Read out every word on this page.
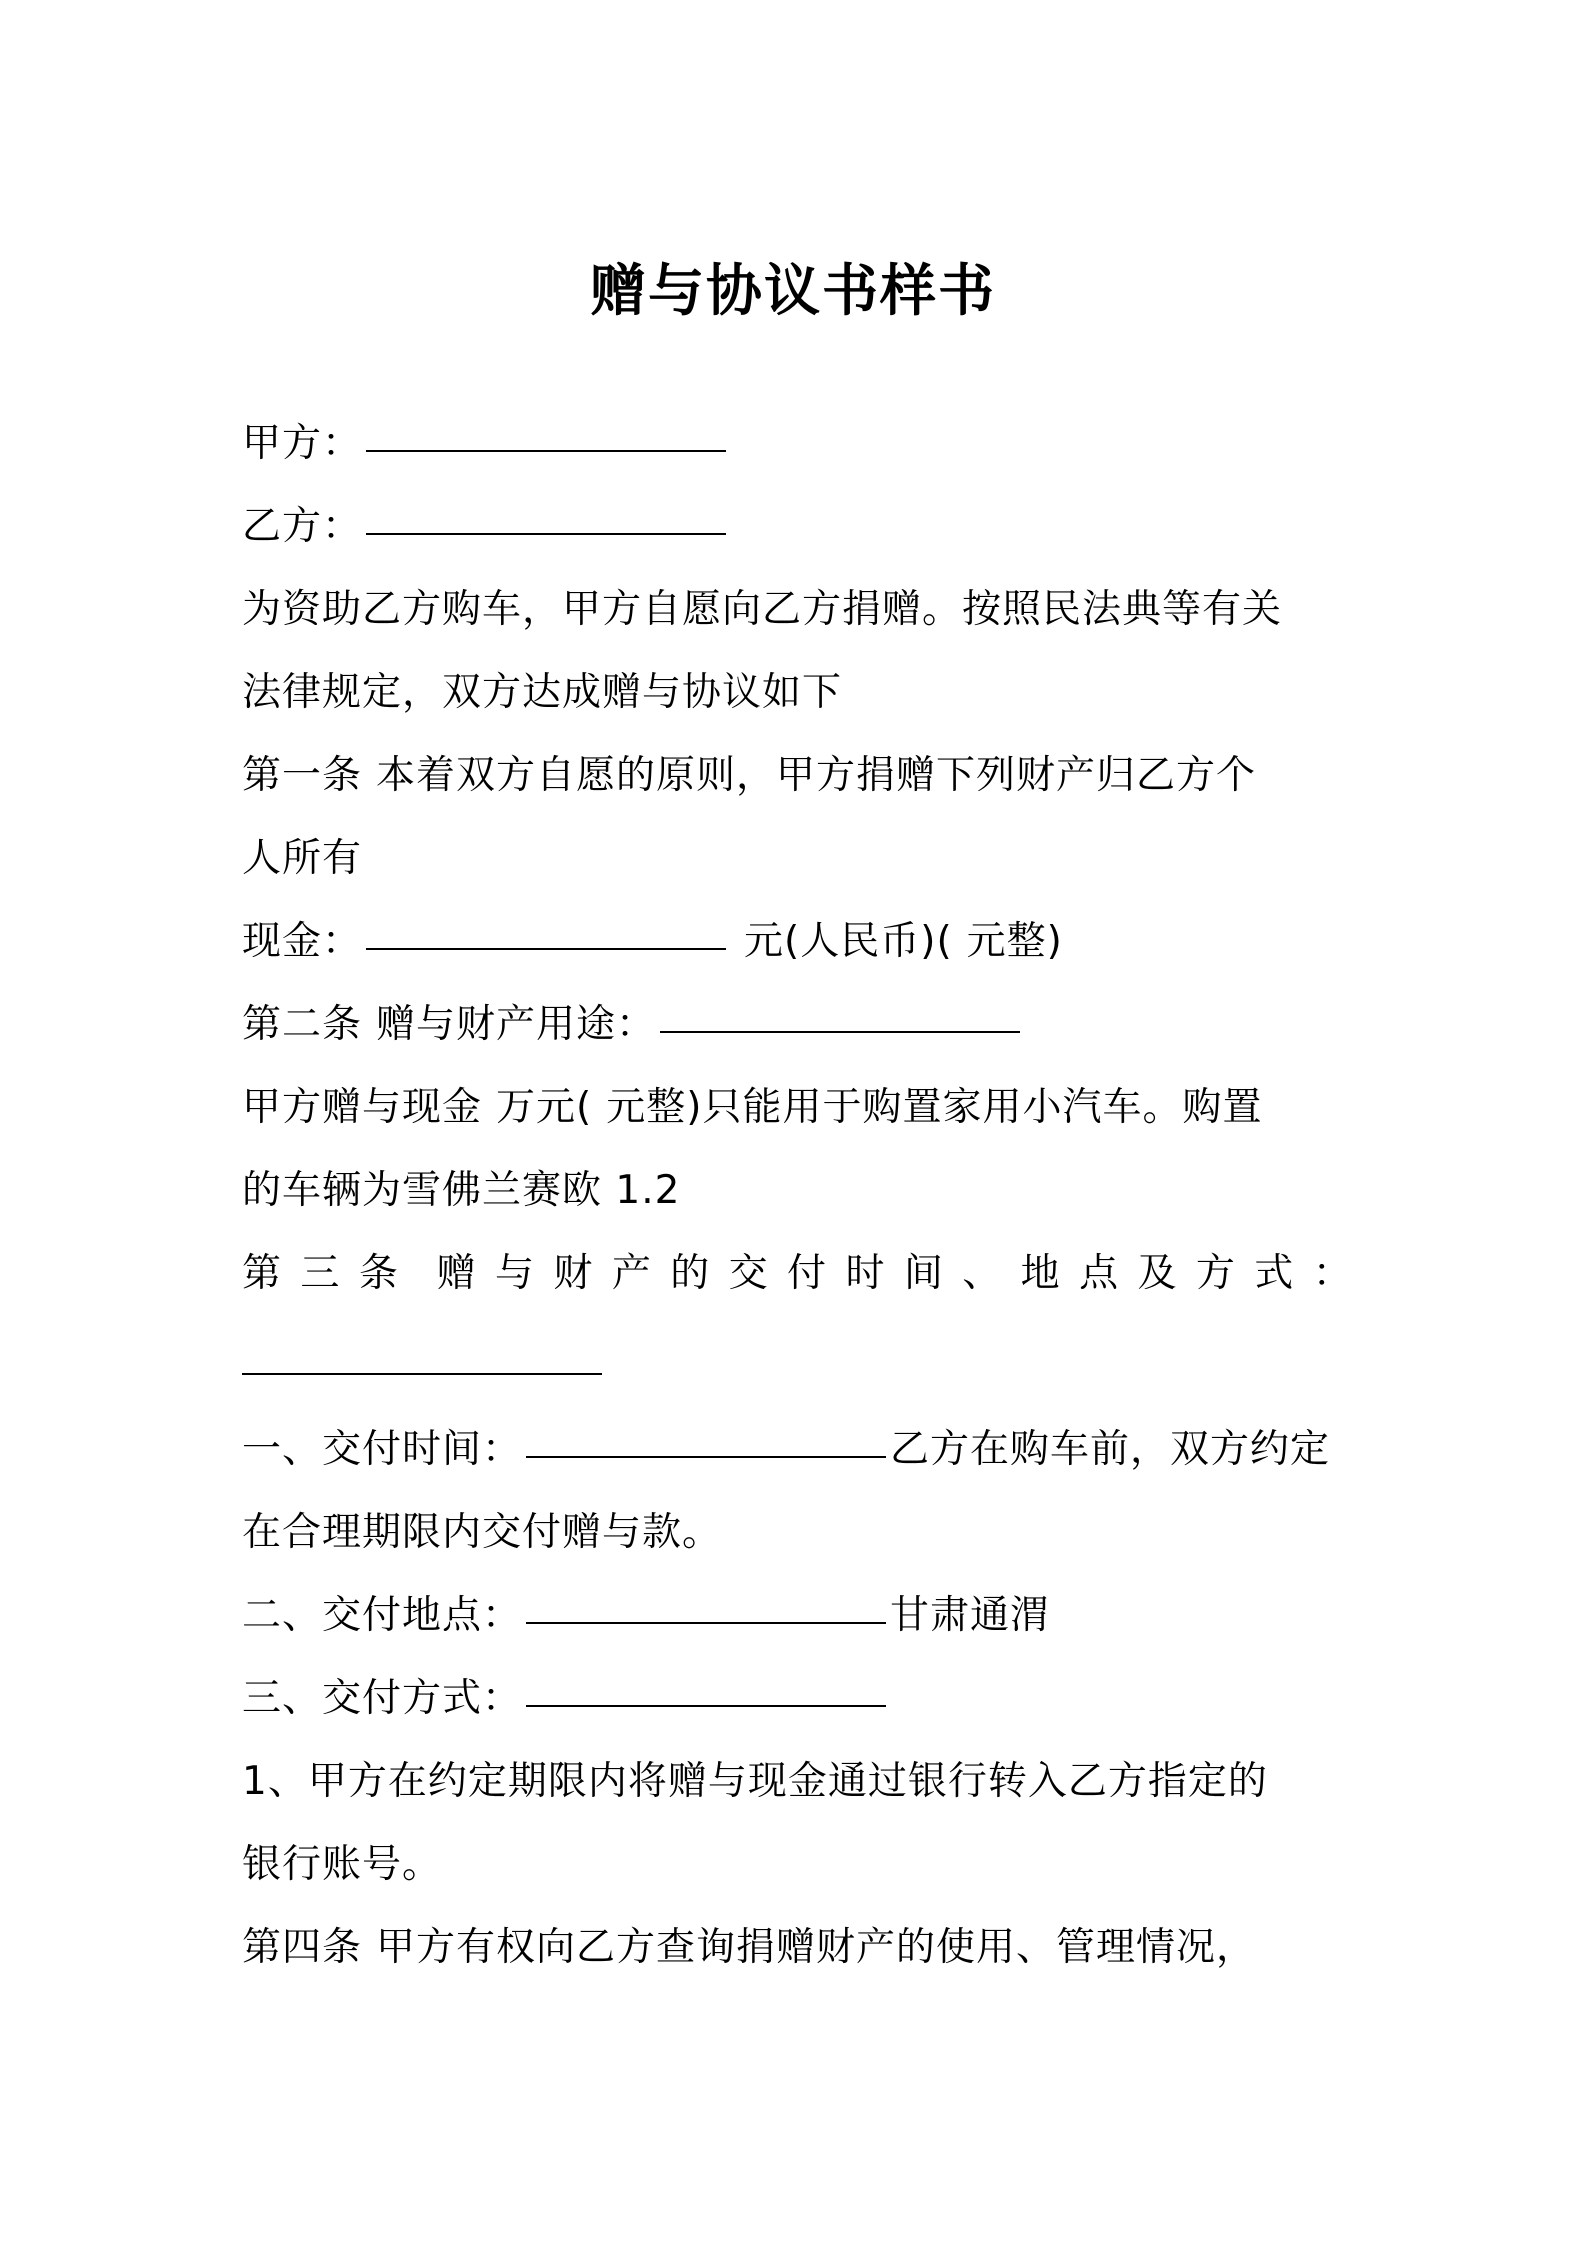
赠与协议书样书
甲方：
乙方：
为资助乙方购车，甲方自愿向乙方捐赠。按照民法典等有关
法律规定，双方达成赠与协议如下
第一条 本着双方自愿的原则，甲方捐赠下列财产归乙方个
人所有
现金：	元(人民币)( 元整)
第二条 赠与财产用途：
甲方赠与现金 万元( 元整)只能用于购置家用小汽车。购置
的车辆为雪佛兰赛欧 1.2
第 三 条 赠 与 财 产 的 交 付 时 间 、 地 点 及 方 式 ：
一、交付时间：	乙方在购车前，双方约定
在合理期限内交付赠与款。
二、交付地点：	甘肃通渭
三、交付方式：
1、甲方在约定期限内将赠与现金通过银行转入乙方指定的
银行账号。
第四条 甲方有权向乙方查询捐赠财产的使用、管理情况，
